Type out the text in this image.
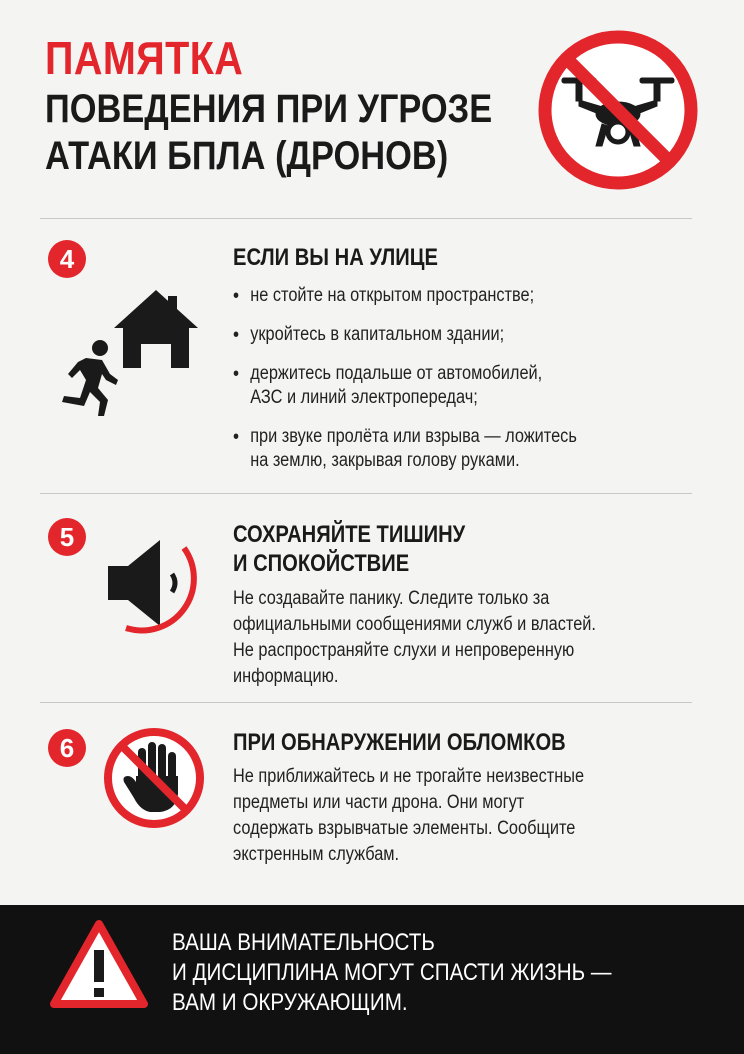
ПАМЯТКА
ПОВЕДЕНИЯ ПРИ УГРОЗЕ
АТАКИ БПЛА (ДРОНОВ)
4	ЕСЛИ ВЫ НА УЛИЦЕ
• не стойте на открытом пространстве;
• укройтесь в капитальном здании;
• держитесь подальше от автомобилей,
АЗС и линий электропередач;
• при звуке пролёта или взрыва — ложитесь
на землю, закрывая голову руками.
5	СОХРАНЯЙТЕ ТИШИНУ
И СПОКОЙСТВИЕ
Не создавайте панику. Следите только за
официальными сообщениями служб и властей.
Не распространяйте слухи и непроверенную
информацию.
6	ПРИ ОБНАРУЖЕНИИ ОБЛОМКОВ
Не приближайтесь и не трогайте неизвестные
предметы или части дрона. Они могут
содержать взрывчатые элементы. Сообщите
экстренным службам.
ВАША ВНИМАТЕЛЬНОСТЬ
И ДИСЦИПЛИНА МОГУТ СПАСТИ ЖИЗНЬ —
ВАМ И ОКРУЖАЮЩИМ.
